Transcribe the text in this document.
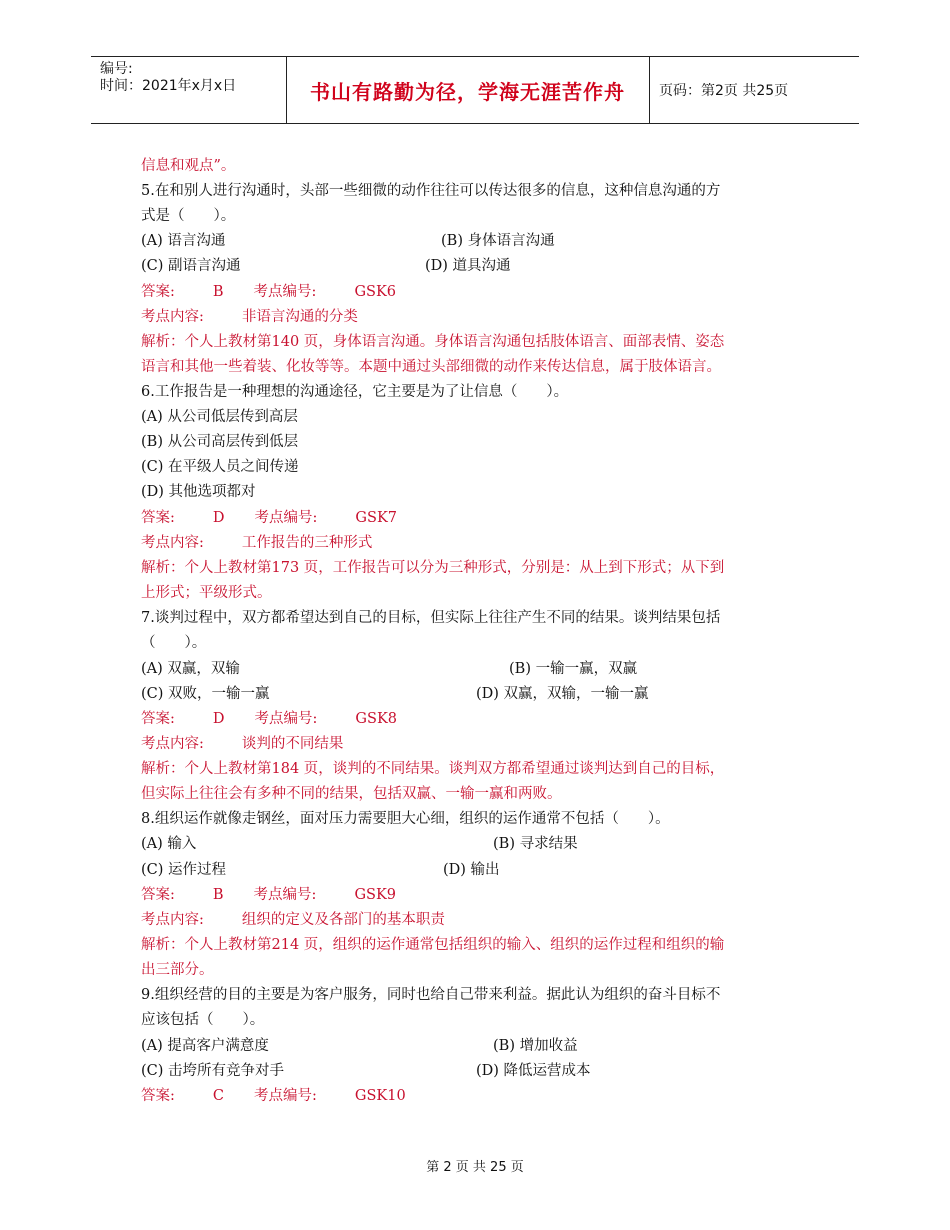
编号:
时间：2021年x月x日	书山有路勤为径，学海无涯苦作舟	页码：第2页 共25页
信息和观点”。
5.在和别人进行沟通时，头部一些细微的动作往往可以传达很多的信息，这种信息沟通的方
式是（　　）。
(A) 语言沟通	(B) 身体语言沟通
(C) 副语言沟通	(D) 道具沟通
答案:	B 考点编号:	GSK6
考点内容:	非语言沟通的分类
解析：个人上教材第140 页，身体语言沟通。身体语言沟通包括肢体语言、面部表情、姿态
语言和其他一些着装、化妆等等。本题中通过头部细微的动作来传达信息，属于肢体语言。
6.工作报告是一种理想的沟通途径，它主要是为了让信息（　　）。
(A) 从公司低层传到高层
(B) 从公司高层传到低层
(C) 在平级人员之间传递
(D) 其他选项都对
答案:	D 考点编号:	GSK7
考点内容:	工作报告的三种形式
解析：个人上教材第173 页，工作报告可以分为三种形式，分别是：从上到下形式；从下到
上形式；平级形式。
7.谈判过程中，双方都希望达到自己的目标，但实际上往往产生不同的结果。谈判结果包括
（　　）。
(A) 双赢，双输	(B) 一输一赢，双赢
(C) 双败，一输一赢	(D) 双赢，双输，一输一赢
答案:	D 考点编号:	GSK8
考点内容:	谈判的不同结果
解析：个人上教材第184 页，谈判的不同结果。谈判双方都希望通过谈判达到自己的目标，
但实际上往往会有多种不同的结果，包括双赢、一输一赢和两败。
8.组织运作就像走钢丝，面对压力需要胆大心细，组织的运作通常不包括（　　）。
(A) 输入	(B) 寻求结果
(C) 运作过程	(D) 输出
答案:	B 考点编号:	GSK9
考点内容:	组织的定义及各部门的基本职责
解析：个人上教材第214 页，组织的运作通常包括组织的输入、组织的运作过程和组织的输
出三部分。
9.组织经营的目的主要是为客户服务，同时也给自己带来利益。据此认为组织的奋斗目标不
应该包括（　　）。
(A) 提高客户满意度	(B) 增加收益
(C) 击垮所有竞争对手	(D) 降低运营成本
答案:	C 考点编号:	GSK10
第 2 页 共 25 页
